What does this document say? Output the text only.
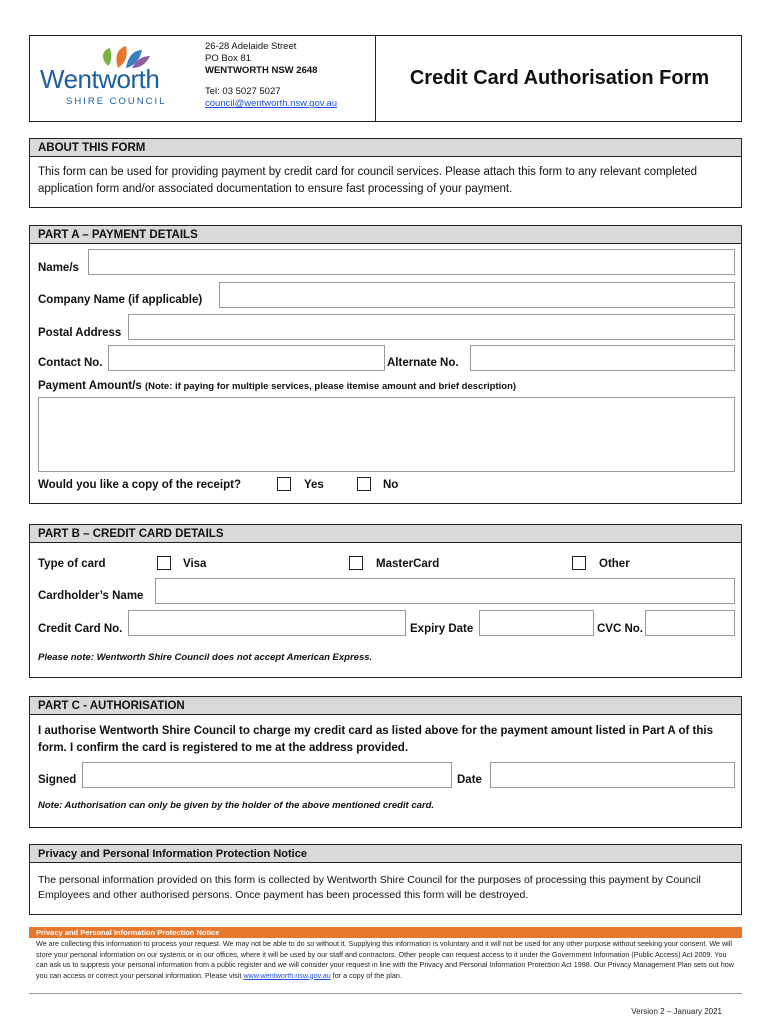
Wentworth
SHIRE COUNCIL
26-28 Adelaide Street
PO Box 81
WENTWORTH NSW 2648
Tel: 03 5027 5027
council@wentworth.nsw.gov.au
Credit Card Authorisation Form
ABOUT THIS FORM
This form can be used for providing payment by credit card for council services. Please attach this form to any relevant completed application form and/or associated documentation to ensure fast processing of your payment.
PART A – PAYMENT DETAILS
Name/s
Company Name (if applicable)
Postal Address
Contact No.	Alternate No.
Payment Amount/s (Note: if paying for multiple services, please itemise amount and brief description)
Would you like a copy of the receipt?	Yes	No
PART B – CREDIT CARD DETAILS
Type of card	Visa	MasterCard	Other
Cardholder’s Name
Credit Card No.	Expiry Date	CVC No.
Please note: Wentworth Shire Council does not accept American Express.
PART C - AUTHORISATION
I authorise Wentworth Shire Council to charge my credit card as listed above for the payment amount listed in Part A of this form. I confirm the card is registered to me at the address provided.
Signed	Date
Note: Authorisation can only be given by the holder of the above mentioned credit card.
Privacy and Personal Information Protection Notice
The personal information provided on this form is collected by Wentworth Shire Council for the purposes of processing this payment by Council Employees and other authorised persons. Once payment has been processed this form will be destroyed.
Privacy and Personal Information Protection Notice
We are collecting this information to process your request. We may not be able to do so without it. Supplying this information is voluntary and it will not be used for any other purpose without seeking your consent. We will store your personal information on our systems or in our offices, where it will be used by our staff and contractors. Other people can request access to it under the Government Information (Public Access) Act 2009. You can ask us to suppress your personal information from a public register and we will consider your request in line with the Privacy and Personal Information Protection Act 1998. Our Privacy Management Plan sets out how you can access or correct your personal information. Please visit www.wentworth.nsw.gov.au for a copy of the plan.
Version 2 – January 2021
